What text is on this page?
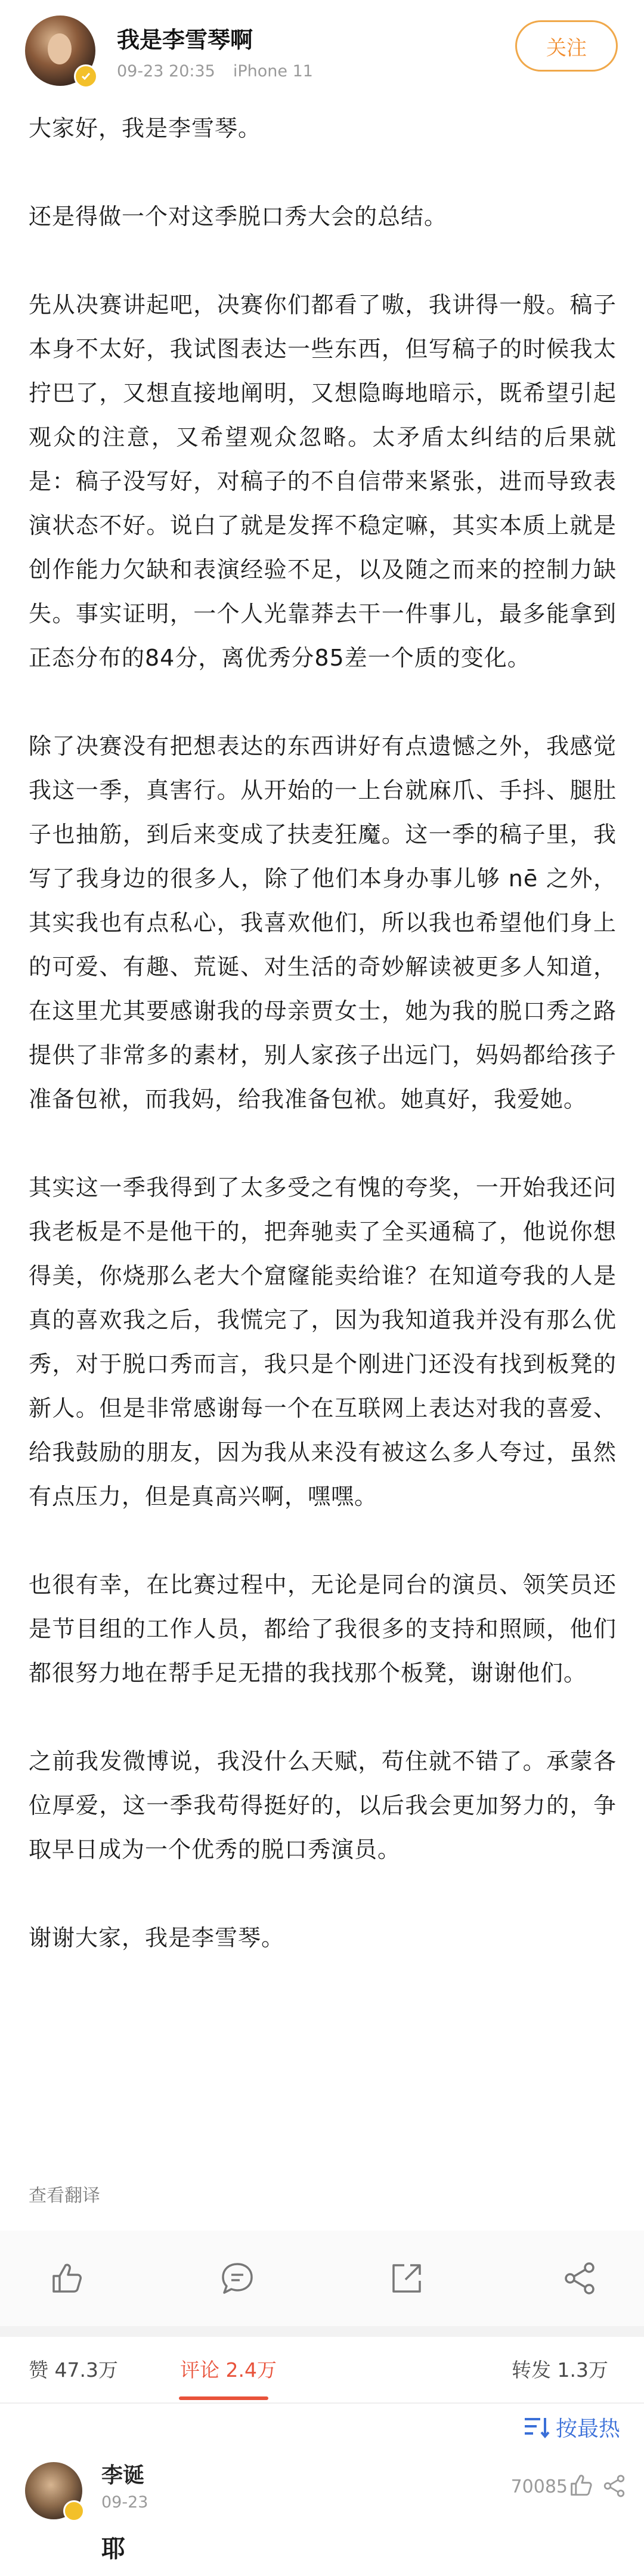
我是李雪琴啊
09-23 20:35 iPhone 11
关注

大家好，我是李雪琴。

还是得做一个对这季脱口秀大会的总结。

先从决赛讲起吧，决赛你们都看了嗷，我讲得一般。稿子本身不太好，我试图表达一些东西，但写稿子的时候我太拧巴了，又想直接地阐明，又想隐晦地暗示，既希望引起观众的注意，又希望观众忽略。太矛盾太纠结的后果就是：稿子没写好，对稿子的不自信带来紧张，进而导致表演状态不好。说白了就是发挥不稳定嘛，其实本质上就是创作能力欠缺和表演经验不足，以及随之而来的控制力缺失。事实证明，一个人光靠莽去干一件事儿，最多能拿到正态分布的84分，离优秀分85差一个质的变化。

除了决赛没有把想表达的东西讲好有点遗憾之外，我感觉我这一季，真害行。从开始的一上台就麻爪、手抖、腿肚子也抽筋，到后来变成了扶麦狂魔。这一季的稿子里，我写了我身边的很多人，除了他们本身办事儿够 nē 之外，其实我也有点私心，我喜欢他们，所以我也希望他们身上的可爱、有趣、荒诞、对生活的奇妙解读被更多人知道，在这里尤其要感谢我的母亲贾女士，她为我的脱口秀之路提供了非常多的素材，别人家孩子出远门，妈妈都给孩子准备包袱，而我妈，给我准备包袱。她真好，我爱她。

其实这一季我得到了太多受之有愧的夸奖，一开始我还问我老板是不是他干的，把奔驰卖了全买通稿了，他说你想得美，你烧那么老大个窟窿能卖给谁？在知道夸我的人是真的喜欢我之后，我慌完了，因为我知道我并没有那么优秀，对于脱口秀而言，我只是个刚进门还没有找到板凳的新人。但是非常感谢每一个在互联网上表达对我的喜爱、给我鼓励的朋友，因为我从来没有被这么多人夸过，虽然有点压力，但是真高兴啊，嘿嘿。

也很有幸，在比赛过程中，无论是同台的演员、领笑员还是节目组的工作人员，都给了我很多的支持和照顾，他们都很努力地在帮手足无措的我找那个板凳，谢谢他们。

之前我发微博说，我没什么天赋，苟住就不错了。承蒙各位厚爱，这一季我苟得挺好的，以后我会更加努力的，争取早日成为一个优秀的脱口秀演员。

谢谢大家，我是李雪琴。

查看翻译
赞 47.3万	评论 2.4万	转发 1.3万
按最热
李诞
09-23
耶
70085
